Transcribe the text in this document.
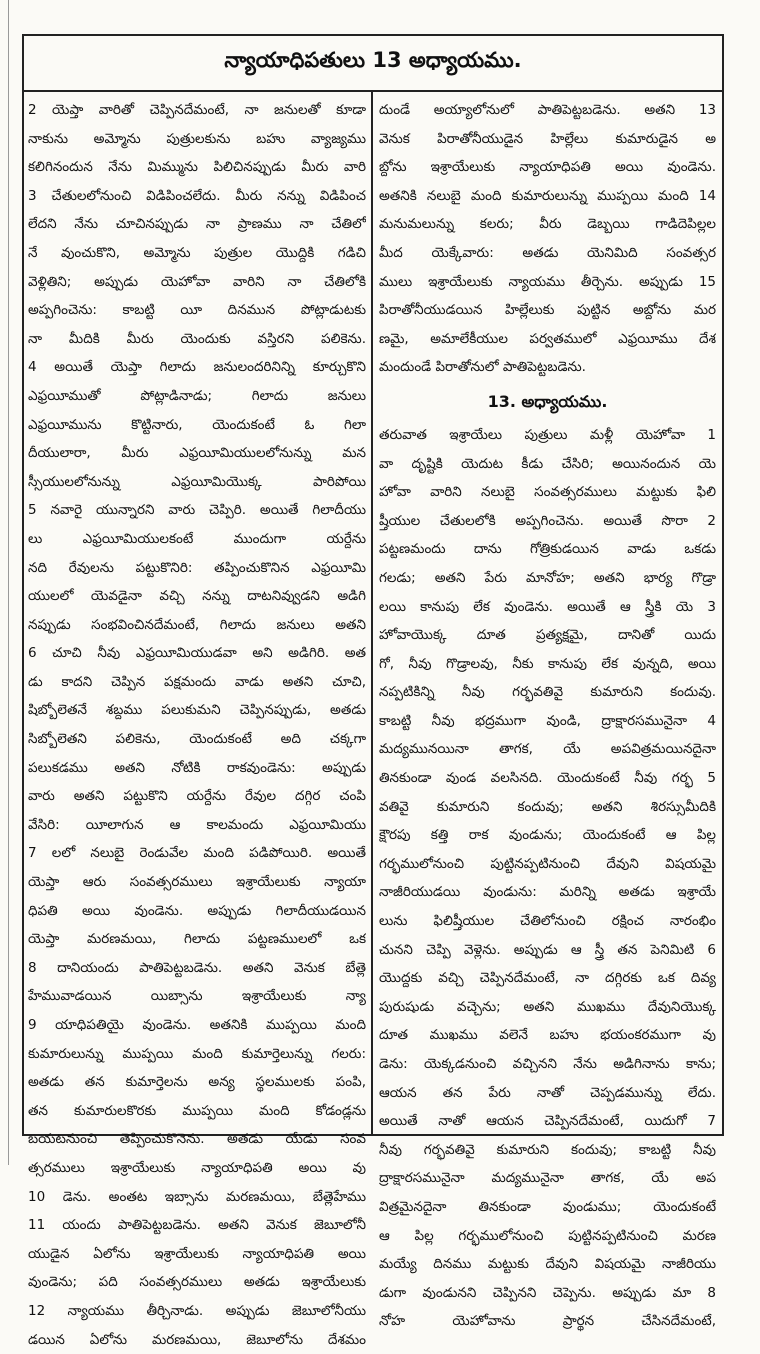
న్యాయాధిపతులు 13 అధ్యాయము.
2 యెప్తా వారితో చెప్పినదేమంటే, నా జనులతో కూడా
నాకును అమ్మోను పుత్రులకును బహు వ్యాజ్యము
కలిగినందున నేను మిమ్మును పిలిచినప్పుడు మీరు వారి
3 చేతులలోనుంచి విడిపించలేదు. మీరు నన్ను విడిపించ
లేదని నేను చూచినప్పుడు నా ప్రాణము నా చేతిలో
నే వుంచుకొని, అమ్మోను పుత్రుల యొద్దికి గడిచి
వెళ్లితిని; అప్పుడు యెహోవా వారిని నా చేతిలోకి
అప్పగించెను: కాబట్టి యీ దినమున పోట్లాడుటకు
నా మీదికి మీరు యెందుకు వస్తిరని పలికెను.
4 అయితే యెప్తా గిలాదు జనులందరినిన్ని కూర్చుకొని
ఎఫ్రయీముతో పోట్లాడినాడు; గిలాదు జనులు
ఎఫ్రయీమును కొట్టినారు, యెందుకంటే ఓ గిలా
దీయులారా, మీరు ఎఫ్రయీమియులలోనున్ను మన
స్సీయులలోనున్ను ఎఫ్రయీమియొక్క పారిపోయి
5 నవారై యున్నారని వారు చెప్పిరి. అయితే గిలాదీయు
లు ఎఫ్రయీమియులకంటే ముందుగా యర్దేను
నది రేవులను పట్టుకొనిరి: తప్పించుకొనిన ఎఫ్రయీమి
యులలో యెవడైనా వచ్చి నన్ను దాటనివ్వుడని అడిగి
నప్పుడు సంభవించినదేమంటే, గిలాదు జనులు అతని
6 చూచి నీవు ఎఫ్రయీమియుడవా అని అడిగిరి. అత
డు కాదని చెప్పిన పక్షమందు వాడు అతని చూచి,
షిబ్బోలెతనే శబ్దము పలుకుమని చెప్పినప్పుడు, అతడు
సిబ్బోలెతని పలికెను, యెందుకంటే అది చక్కగా
పలుకడము అతని నోటికి రాకవుండెను: అప్పుడు
వారు అతని పట్టుకొని యర్దేను రేవుల దగ్గిర చంపి
వేసిరి: యీలాగున ఆ కాలమందు ఎఫ్రయీమియు
7 లలో నలుబై రెండువేల మంది పడిపోయిరి. అయితే
యెప్తా ఆరు సంవత్సరములు ఇశ్రాయేలుకు న్యాయా
ధిపతి అయి వుండెను. అప్పుడు గిలాదీయుడయిన
యెప్తా మరణమయి, గిలాదు పట్టణములలో ఒక
8 దానియందు పాతిపెట్టబడెను. అతని వెనుక బేత్లె
హేమువాడయిన యిబ్సాను ఇశ్రాయేలుకు న్యా
9 యాధిపతియై వుండెను. అతనికి ముప్పయి మంది
కుమారులున్ను ముప్పయి మంది కుమార్తెలున్ను గలరు:
అతడు తన కుమార్తెలను అన్య స్థలములకు పంపి,
తన కుమారులకొరకు ముప్పయి మంది కోడండ్లను
బయటనుంచి తెప్పించుకొనెను. అతడు యేడు సంవ
త్సరములు ఇశ్రాయేలుకు న్యాయాధిపతి అయి వు
10 డెను. అంతట ఇబ్సాను మరణమయి, బేత్లెహేము
11 యందు పాతిపెట్టబడెను. అతని వెనుక జెబూలోనీ
యుడైన ఏలోను ఇశ్రాయేలుకు న్యాయాధిపతి అయి
వుండెను; పది సంవత్సరములు అతడు ఇశ్రాయేలుకు
12 న్యాయము తీర్చినాడు. అప్పుడు జెబూలోనీయు
డయిన ఏలోను మరణమయి, జెబూలోను దేశమం
దుండే అయ్యాలోనులో పాతిపెట్టబడెను. అతని 13
వెనుక పిరాతోనీయుడైన హిల్లేలు కుమారుడైన అ
బ్దోను ఇశ్రాయేలుకు న్యాయాధిపతి అయి వుండెను.
అతనికి నలుబై మంది కుమారులున్ను ముప్పయి మంది 14
మనుమలున్ను కలరు; వీరు డెబ్బయి గాడిదెపిల్లల
మీద యెక్కేవారు: అతడు యెనిమిది సంవత్సర
ములు ఇశ్రాయేలుకు న్యాయము తీర్చెను. అప్పుడు 15
పిరాతోనీయుడయిన హిల్లేలుకు పుట్టిన అబ్దోను మర
ణమై, అమాలేకీయుల పర్వతములో ఎఫ్రయీము దేశ
మందుండే పిరాతోనులో పాతిపెట్టబడెను.
13. అధ్యాయము.
తరువాత ఇశ్రాయేలు పుత్రులు మళ్లీ యెహోవా 1
వా దృష్టికి యెదుట కీడు చేసిరి; అయినందున యె
హోవా వారిని నలుబై సంవత్సరములు మట్టుకు ఫిలి
ష్తీయుల చేతులలోకి అప్పగించెను. అయితే సొరా 2
పట్టణమందు దాను గోత్రికుడయిన వాడు ఒకడు
గలడు; అతని పేరు మానోహ; అతని భార్య గొడ్రా
లయి కానుపు లేక వుండెను. అయితే ఆ స్త్రీకి యె 3
హోవాయొక్క దూత ప్రత్యక్షమై, దానితో యిదు
గో, నీవు గొడ్రాలవు, నీకు కానుపు లేక వున్నది, అయి
నప్పటికిన్ని నీవు గర్భవతివై కుమారుని కందువు.
కాబట్టి నీవు భద్రముగా వుండి, ద్రాక్షారసమునైనా 4
మద్యమునయినా తాగక, యే అపవిత్రమయినదైనా
తినకుండా వుండ వలసినది. యెందుకంటే నీవు గర్భ 5
వతివై కుమారుని కందువు; అతని శిరస్సుమీదికి
క్షౌరపు కత్తి రాక వుండును; యెందుకంటే ఆ పిల్ల
గర్భములోనుంచి పుట్టినప్పటినుంచి దేవుని విషయమై
నాజీరియుడయి వుండును: మరిన్ని అతడు ఇశ్రాయే
లును ఫిలిష్తీయుల చేతిలోనుంచి రక్షించ నారంభిం
చునని చెప్పి వెళ్లెను. అప్పుడు ఆ స్త్రీ తన పెనిమిటి 6
యొద్దకు వచ్చి చెప్పినదేమంటే, నా దగ్గిరకు ఒక దివ్య
పురుషుడు వచ్చెను; అతని ముఖము దేవునియొక్క
దూత ముఖము వలెనే బహు భయంకరముగా వు
డెను: యెక్కడనుంచి వచ్చినని నేను అడిగినాను కాను;
ఆయన తన పేరు నాతో చెప్పడమున్ను లేదు.
అయితే నాతో ఆయన చెప్పినదేమంటే, యిదుగో 7
నీవు గర్భవతివై కుమారుని కందువు; కాబట్టి నీవు
ద్రాక్షారసమునైనా మద్యమునైనా తాగక, యే అప
విత్రమైనదైనా తినకుండా వుండుము; యెందుకంటే
ఆ పిల్ల గర్భములోనుంచి పుట్టినప్పటినుంచి మరణ
మయ్యే దినము మట్టుకు దేవుని విషయమై నాజీరియు
డుగా వుండునని చెప్పినని చెప్పెను. అప్పుడు మా 8
నోహ యెహోవాను ప్రార్థన చేసినదేమంటే,
